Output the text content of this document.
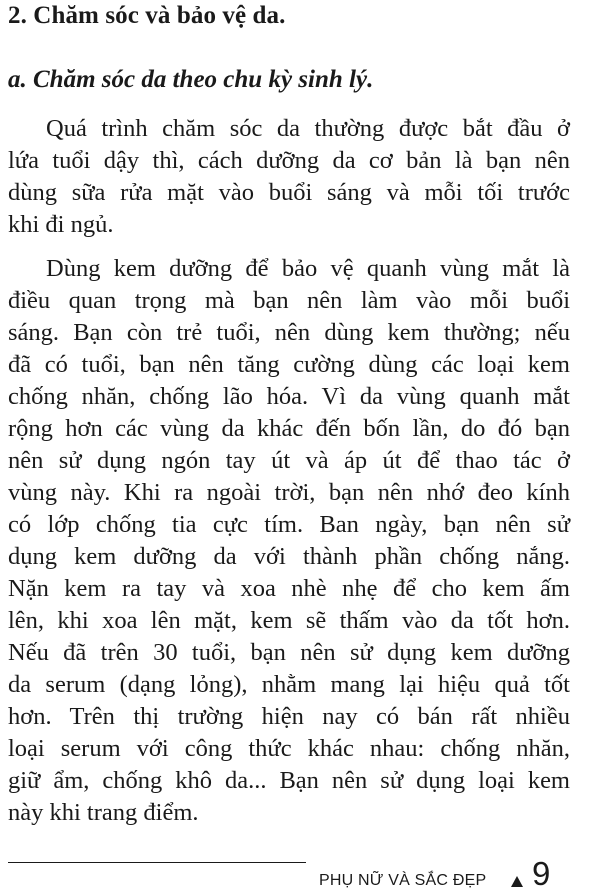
2. Chăm sóc và bảo vệ da.
a. Chăm sóc da theo chu kỳ sinh lý.

Quá trình chăm sóc da thường được bắt đầu ở
lứa tuổi dậy thì, cách dưỡng da cơ bản là bạn nên
dùng sữa rửa mặt vào buổi sáng và mỗi tối trước
khi đi ngủ.

Dùng kem dưỡng để bảo vệ quanh vùng mắt là
điều quan trọng mà bạn nên làm vào mỗi buổi
sáng. Bạn còn trẻ tuổi, nên dùng kem thường; nếu
đã có tuổi, bạn nên tăng cường dùng các loại kem
chống nhăn, chống lão hóa. Vì da vùng quanh mắt
rộng hơn các vùng da khác đến bốn lần, do đó bạn
nên sử dụng ngón tay út và áp út để thao tác ở
vùng này. Khi ra ngoài trời, bạn nên nhớ đeo kính
có lớp chống tia cực tím. Ban ngày, bạn nên sử
dụng kem dưỡng da với thành phần chống nắng.
Nặn kem ra tay và xoa nhè nhẹ để cho kem ấm
lên, khi xoa lên mặt, kem sẽ thấm vào da tốt hơn.
Nếu đã trên 30 tuổi, bạn nên sử dụng kem dưỡng
da serum (dạng lỏng), nhằm mang lại hiệu quả tốt
hơn. Trên thị trường hiện nay có bán rất nhiều
loại serum với công thức khác nhau: chống nhăn,
giữ ẩm, chống khô da... Bạn nên sử dụng loại kem
này khi trang điểm.

PHỤ NỮ VÀ SẮC ĐẸP 9
